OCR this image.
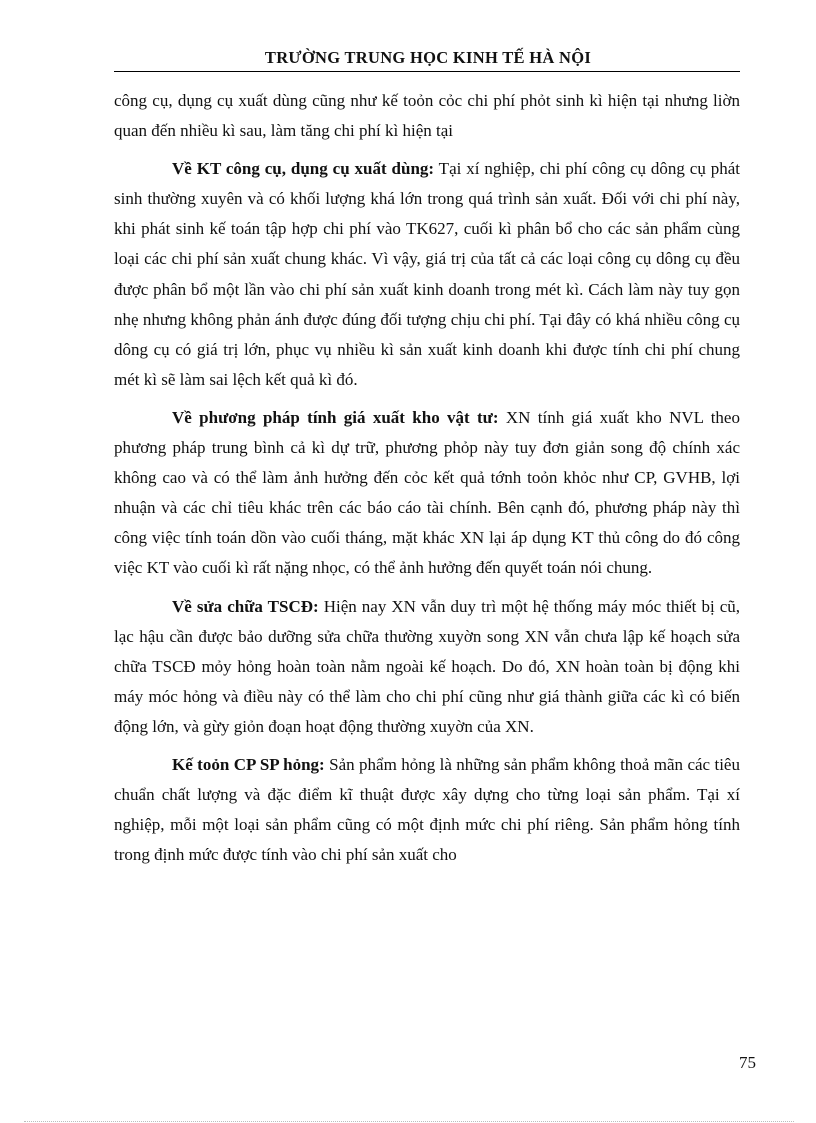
TRƯỜNG TRUNG HỌC KINH TẾ HÀ NỘI

công cụ, dụng cụ xuất dùng cũng như kế toỏn cỏc chi phí phỏt sinh kì hiện tại nhưng liờn quan đến nhiều kì sau, làm tăng chi phí kì hiện tại

Về KT công cụ, dụng cụ xuất dùng: Tại xí nghiệp, chi phí công cụ dông cụ phát sinh thường xuyên và có khối lượng khá lớn trong quá trình sản xuất. Đối với chi phí này, khi phát sinh kế toán tập hợp chi phí vào TK627, cuối kì phân bổ cho các sản phẩm cùng loại các chi phí sản xuất chung khác. Vì vậy, giá trị của tất cả các loại công cụ dông cụ đều được phân bổ một lần vào chi phí sản xuất kinh doanh trong mét kì. Cách làm này tuy gọn nhẹ nhưng không phản ánh được đúng đối tượng chịu chi phí. Tại đây có khá nhiều công cụ dông cụ có giá trị lớn, phục vụ nhiều kì sản xuất kinh doanh khi được tính chi phí chung mét kì sẽ làm sai lệch kết quả kì đó.

Về phương pháp tính giá xuất kho vật tư: XN tính giá xuất kho NVL theo phương pháp trung bình cả kì dự trữ, phương phỏp này tuy đơn giản song độ chính xác không cao và có thể làm ảnh hưởng đến cỏc kết quả tớnh toỏn khỏc như CP, GVHB, lợi nhuận và các chỉ tiêu khác trên các báo cáo tài chính. Bên cạnh đó, phương pháp này thì công việc tính toán dồn vào cuối tháng, mặt khác XN lại áp dụng KT thủ công do đó công việc KT vào cuối kì rất nặng nhọc, có thể ảnh hưởng đến quyết toán nói chung.

Về sửa chữa TSCĐ: Hiện nay XN vẫn duy trì một hệ thống máy móc thiết bị cũ, lạc hậu cần được bảo dưỡng sửa chữa thường xuyờn song XN vẫn chưa lập kế hoạch sửa chữa TSCĐ mỏy hỏng hoàn toàn nằm ngoài kế hoạch. Do đó, XN hoàn toàn bị động khi máy móc hỏng và điều này có thể làm cho chi phí cũng như giá thành giữa các kì có biến động lớn, và gừy giỏn đoạn hoạt động thường xuyờn của XN.

Kế toỏn CP SP hỏng: Sản phẩm hỏng là những sản phẩm không thoả mãn các tiêu chuẩn chất lượng và đặc điểm kĩ thuật được xây dựng cho từng loại sản phẩm. Tại xí nghiệp, mỗi một loại sản phẩm cũng có một định mức chi phí riêng. Sản phẩm hỏng tính trong định mức được tính vào chi phí sản xuất cho

75
